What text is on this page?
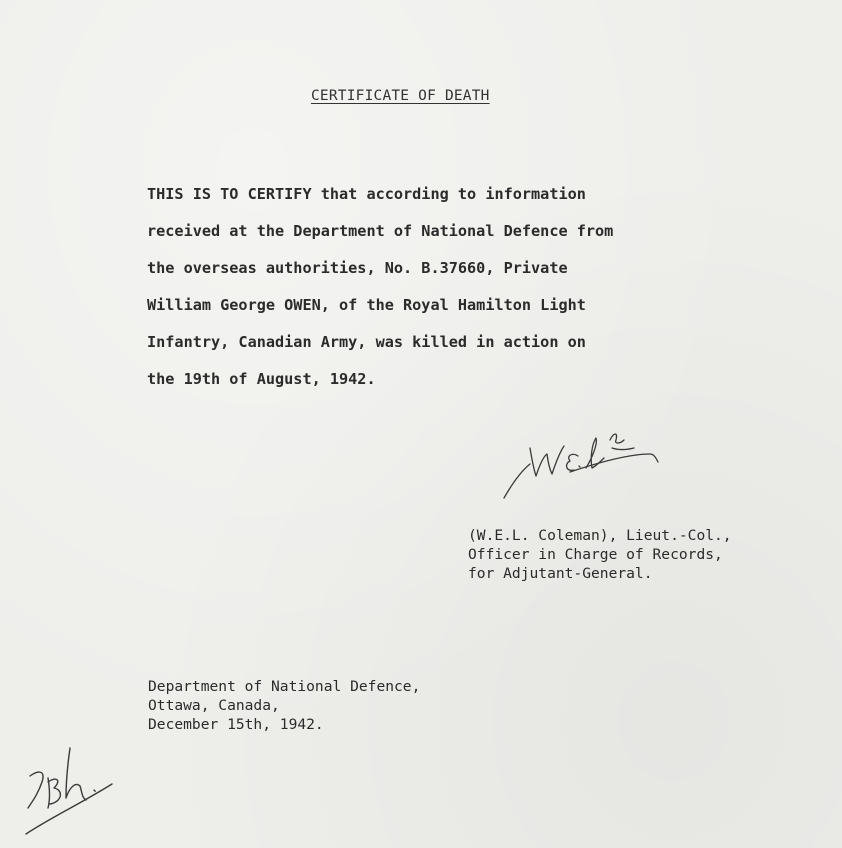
CERTIFICATE OF DEATH
THIS IS TO CERTIFY that according to information
received at the Department of National Defence from
the overseas authorities, No. B.37660, Private
William George OWEN, of the Royal Hamilton Light
Infantry, Canadian Army, was killed in action on
the 19th of August, 1942.
(W.E.L. Coleman), Lieut.-Col.,
Officer in Charge of Records,
for Adjutant-General.
Department of National Defence,
Ottawa, Canada,
December 15th, 1942.
